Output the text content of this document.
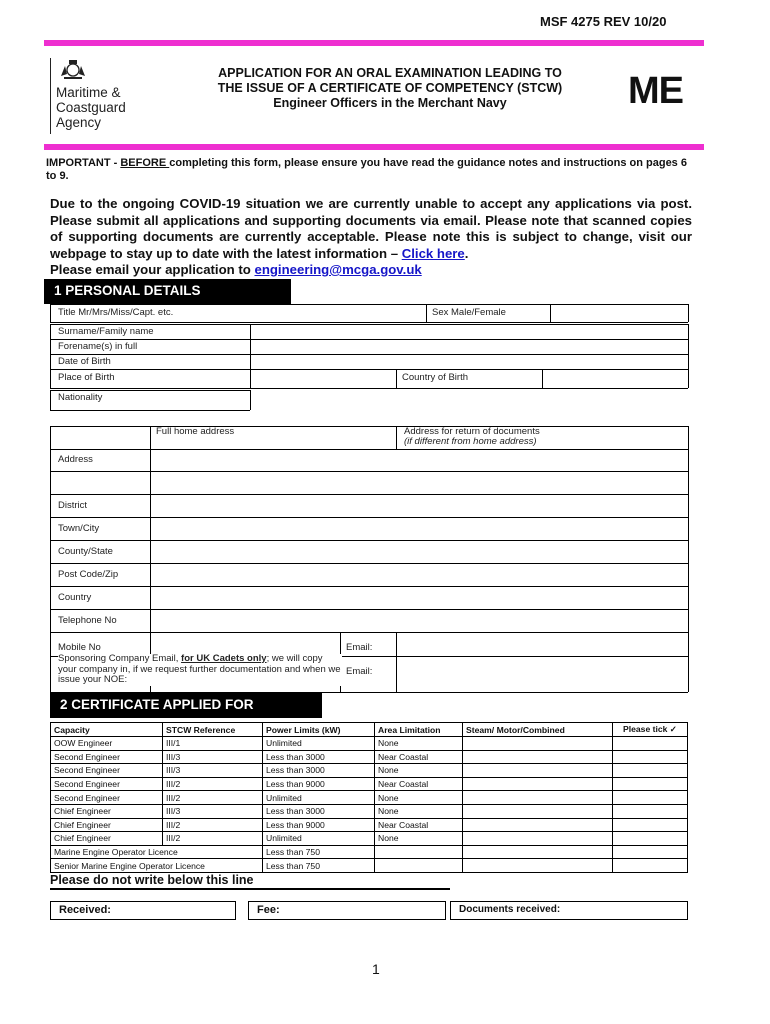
MSF 4275 REV 10/20
Maritime &
Coastguard
Agency
APPLICATION FOR AN ORAL EXAMINATION LEADING TO
THE ISSUE OF A CERTIFICATE OF COMPETENCY (STCW)
Engineer Officers in the Merchant Navy	ME
IMPORTANT - BEFORE completing this form, please ensure you have read the guidance notes and instructions on pages 6 to 9.
Due to the ongoing COVID-19 situation we are currently unable to accept any applications via post. Please submit all applications and supporting documents via email. Please note that scanned copies of supporting documents are currently acceptable. Please note this is subject to change, visit our webpage to stay up to date with the latest information – Click here.
Please email your application to engineering@mcga.gov.uk
1 PERSONAL DETAILS
Title Mr/Mrs/Miss/Capt. etc.	Sex Male/Female
Surname/Family name
Forename(s) in full
Date of Birth
Place of Birth	Country of Birth
Nationality
Full home address	Address for return of documents
(if different from home address)
Address
District
Town/City
County/State
Post Code/Zip
Country
Telephone No
Mobile No	Email:
Sponsoring Company Email, for UK Cadets only; we will copy your company in, if we request further documentation and when we issue your NOE:
Email:
2 CERTIFICATE APPLIED FOR
Capacity	STCW Reference	Power Limits (kW)	Area Limitation	Steam/ Motor/Combined	Please tick ✓
OOW Engineer	III/1	Unlimited	None		
Second Engineer	III/3	Less than 3000	Near Coastal		
Second Engineer	III/3	Less than 3000	None		
Second Engineer	III/2	Less than 9000	Near Coastal		
Second Engineer	III/2	Unlimited	None		
Chief Engineer	III/3	Less than 3000	None		
Chief Engineer	III/2	Less than 9000	Near Coastal		
Chief Engineer	III/2	Unlimited	None		
Marine Engine Operator Licence		Less than 750			
Senior Marine Engine Operator Licence		Less than 750			
Please do not write below this line
Received:	Fee:	Documents received:
1
